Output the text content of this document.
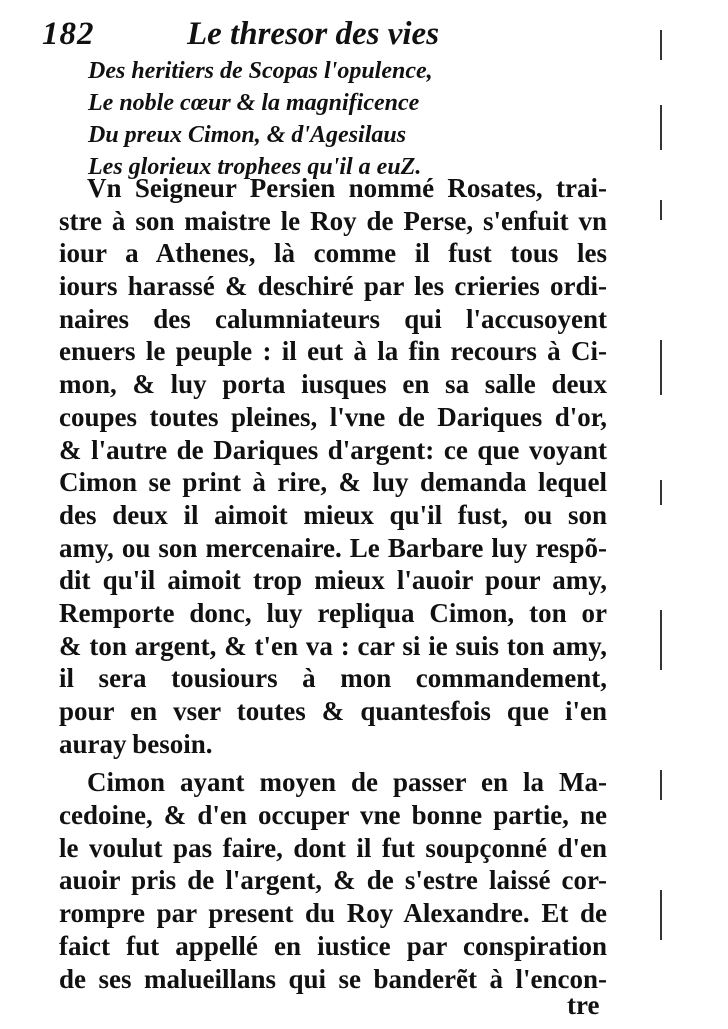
182	Le thresor des vies
Des heritiers de Scopas l'opulence,
Le noble cœur & la magnificence
Du preux Cimon, & d'Agesilaus
Les glorieux trophees qu'il a euZ.
Vn Seigneur Persien nommé Rosates, trai-
stre à son maistre le Roy de Perse, s'enfuit vn
iour a Athenes, là comme il fust tous les
iours harassé & deschiré par les crieries ordi-
naires des calumniateurs qui l'accusoyent
enuers le peuple : il eut à la fin recours à Ci-
mon, & luy porta iusques en sa salle deux
coupes toutes pleines, l'vne de Dariques d'or,
& l'autre de Dariques d'argent: ce que voyant
Cimon se print à rire, & luy demanda lequel
des deux il aimoit mieux qu'il fust, ou son
amy, ou son mercenaire. Le Barbare luy respõ-
dit qu'il aimoit trop mieux l'auoir pour amy,
Remporte donc, luy repliqua Cimon, ton or
& ton argent, & t'en va : car si ie suis ton amy,
il sera tousiours à mon commandement,
pour en vser toutes & quantesfois que i'en
auray besoin.
Cimon ayant moyen de passer en la Ma-
cedoine, & d'en occuper vne bonne partie, ne
le voulut pas faire, dont il fut soupçonné d'en
auoir pris de l'argent, & de s'estre laissé cor-
rompre par present du Roy Alexandre. Et de
faict fut appellé en iustice par conspiration
de ses malueillans qui se banderẽt à l'encon-
tre
